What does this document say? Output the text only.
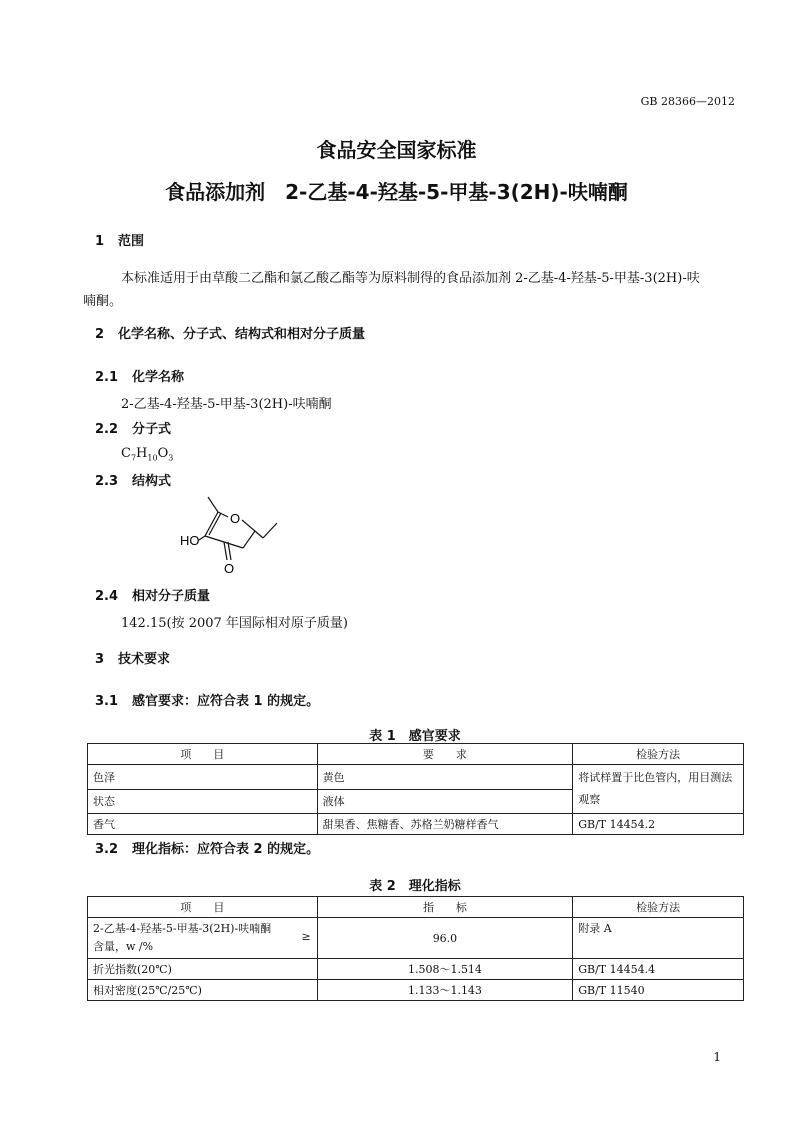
GB 28366—2012
食品安全国家标准
食品添加剂　2-乙基-4-羟基-5-甲基-3(2H)-呋喃酮
1 范围
本标准适用于由草酸二乙酯和氯乙酸乙酯等为原料制得的食品添加剂 2-乙基-4-羟基-5-甲基-3(2H)-呋
喃酮。
2 化学名称、分子式、结构式和相对分子质量
2.1 化学名称
2-乙基-4-羟基-5-甲基-3(2H)-呋喃酮
2.2 分子式
$C_7H_{10}O_3$
2.3 结构式
O
HO
O
2.4 相对分子质量
142.15(按 2007 年国际相对原子质量)
3 技术要求
3.1 感官要求：应符合表 1 的规定。
表 1　感官要求
项　　目	要　　求	检验方法
色泽	黄色	将试样置于比色管内，用目测法观察
状态	液体	
香气	甜果香、焦糖香、苏格兰奶糖样香气	GB/T 14454.2
3.2 理化指标：应符合表 2 的规定。
表 2　理化指标
项　　目	指　　标	检验方法

2-乙基-4-羟基-5-甲基-3(2H)-呋喃酮
含量，w /%
≥	96.0	附录 A
折光指数(20℃)	1.508～1.514	GB/T 14454.4
相对密度(25℃/25℃)	1.133～1.143	GB/T 11540
1
